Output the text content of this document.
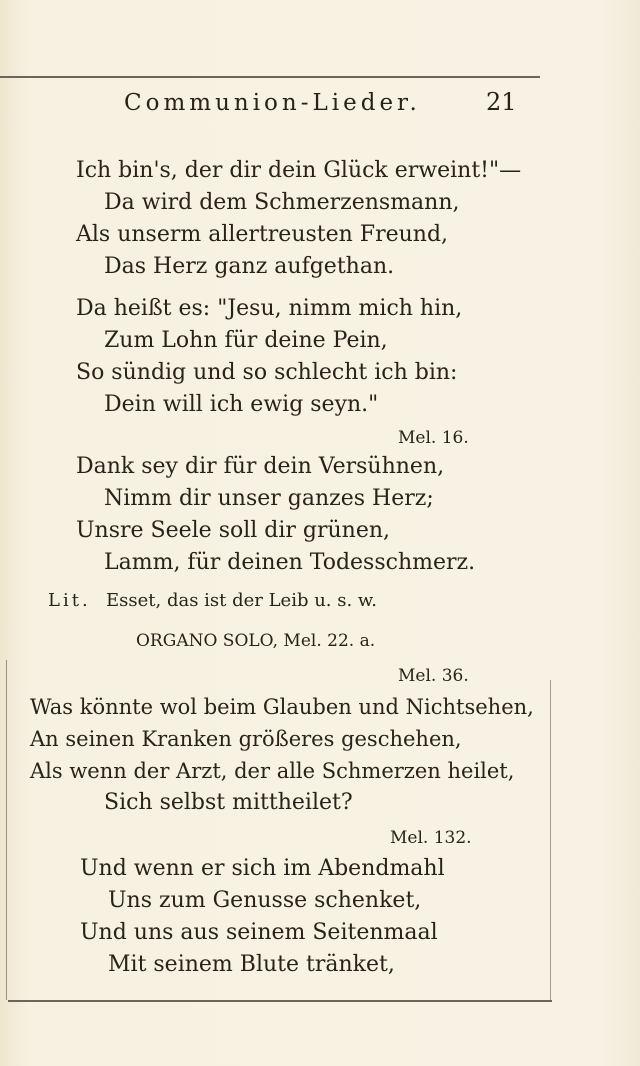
Communion-Lieder.	21
Ich bin's, der dir dein Glück erweint!"—
Da wird dem Schmerzensmann,
Als unserm allertreusten Freund,
Das Herz ganz aufgethan.
Da heißt es: "Jesu, nimm mich hin,
Zum Lohn für deine Pein,
So sündig und so schlecht ich bin:
Dein will ich ewig seyn."
Mel. 16.
Dank sey dir für dein Versühnen,
Nimm dir unser ganzes Herz;
Unsre Seele soll dir grünen,
Lamm, für deinen Todesschmerz.
Lit. Esset, das ist der Leib u. s. w.
ORGANO SOLO, Mel. 22. a.
Mel. 36.
Was könnte wol beim Glauben und Nichtsehen,
An seinen Kranken größeres geschehen,
Als wenn der Arzt, der alle Schmerzen heilet,
Sich selbst mittheilet?
Mel. 132.
Und wenn er sich im Abendmahl
Uns zum Genusse schenket,
Und uns aus seinem Seitenmaal
Mit seinem Blute tränket,
